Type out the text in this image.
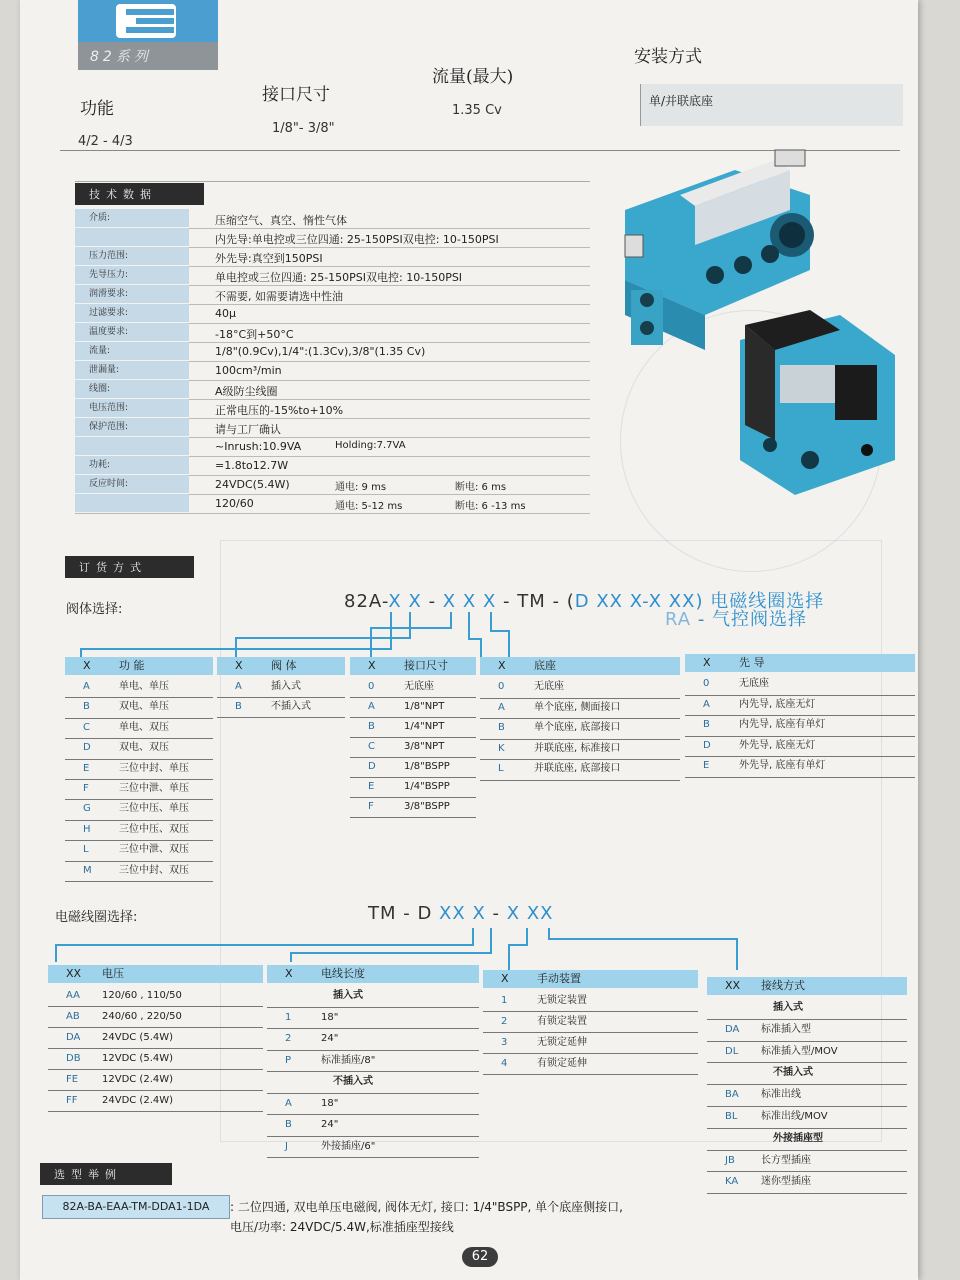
82系列
功能
4/2 - 4/3
接口尺寸
1/8"- 3/8"
流量(最大)
1.35 Cv
安装方式
单/并联底座
技术数据
介质:	压缩空气、真空、惰性气体
内先导:单电控或三位四通: 25-150PSI双电控: 10-150PSI
压力范围:	外先导:真空到150PSI
先导压力:	单电控或三位四通: 25-150PSI双电控: 10-150PSI
润滑要求:	不需要, 如需要请选中性油
过滤要求:	40μ
温度要求:	-18°C到+50°C
流量:	1/8"(0.9Cv),1/4":(1.3Cv),3/8"(1.35 Cv)
泄漏量:	100cm³/min
线圈:	A级防尘线圈
电压范围:	正常电压的-15%to+10%
保护范围:	请与工厂确认
~Inrush:10.9VA	Holding:7.7VA
功耗:	=1.8to12.7W
反应时间:	24VDC(5.4W)	通电: 9 ms	断电: 6 ms
120/60	通电: 5-12 ms	断电: 6 -13 ms
订货方式
阀体选择:	82A-X X - X X X - TM - (D XX X-X XX) 电磁线圈选择
RA - 气控阀选择
X	功 能
A	单电、单压
B	双电、单压
C	单电、双压
D	双电、双压
E	三位中封、单压
F	三位中泄、单压
G	三位中压、单压
H	三位中压、双压
L	三位中泄、双压
M	三位中封、双压
X	阀 体
A	插入式
B	不插入式
X	接口尺寸
0	无底座
A	1/8"NPT
B	1/4"NPT
C	3/8"NPT
D	1/8"BSPP
E	1/4"BSPP
F	3/8"BSPP
X	底座
0	无底座
A	单个底座, 侧面接口
B	单个底座, 底部接口
K	并联底座, 标准接口
L	并联底座, 底部接口
X	先 导
0	无底座
A	内先导, 底座无灯
B	内先导, 底座有单灯
D	外先导, 底座无灯
E	外先导, 底座有单灯
电磁线圈选择:	TM - D XX X - X XX
XX 电压
AA 120/60 , 110/50
AB 240/60 , 220/50
DA 24VDC (5.4W)
DB 12VDC (5.4W)
FE 12VDC (2.4W)
FF 24VDC (2.4W)
X	电线长度
插入式
1	18"
2	24"
P	标准插座/8"
不插入式
A	18"
B	24"
J	外接插座/6"
X	手动装置
1	无锁定装置
2	有锁定装置
3	无锁定延伸
4	有锁定延伸
XX 接线方式
插入式
DA 标准插入型
DL 标准插入型/MOV
不插入式
BA 标准出线
BL 标准出线/MOV
外接插座型
JB	长方型插座
KA 迷你型插座
选型举例
82A-BA-EAA-TM-DDA1-1DA	: 二位四通, 双电单压电磁阀, 阀体无灯, 接口: 1/4"BSPP, 单个底座侧接口,
电压/功率: 24VDC/5.4W,标准插座型接线
62
